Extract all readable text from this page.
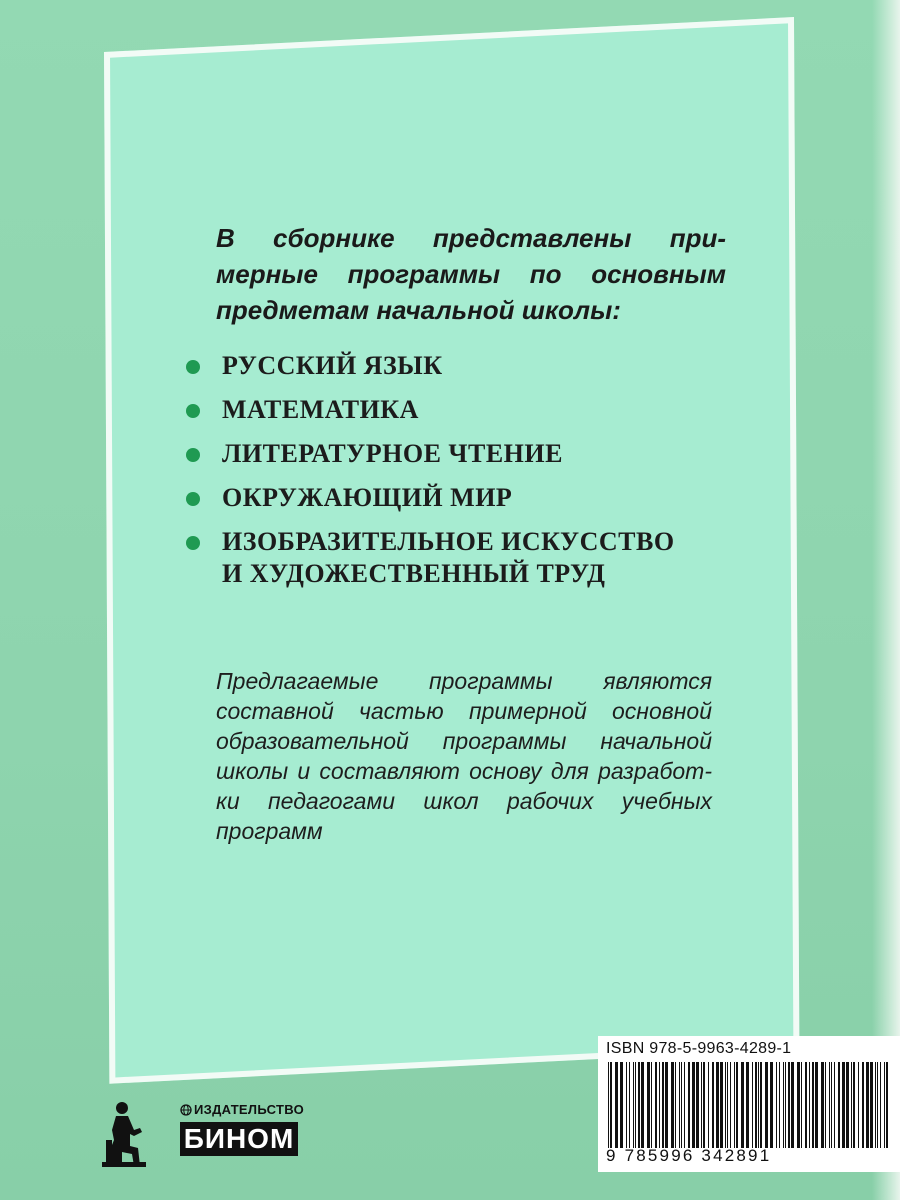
В сборнике представлены при-
мерные программы по основным
предметам начальной школы:

РУССКИЙ ЯЗЫК
МАТЕМАТИКА
ЛИТЕРАТУРНОЕ ЧТЕНИЕ
ОКРУЖАЮЩИЙ МИР
ИЗОБРАЗИТЕЛЬНОЕ ИСКУССТВО
И ХУДОЖЕСТВЕННЫЙ ТРУД

Предлагаемые программы являются
составной частью примерной основной
образовательной программы начальной
школы и составляют основу для разработ-
ки педагогами школ рабочих учебных
программ

ИЗДАТЕЛЬСТВО
БИНОМ
ISBN 978-5-9963-4289-1
9 785996 342891
